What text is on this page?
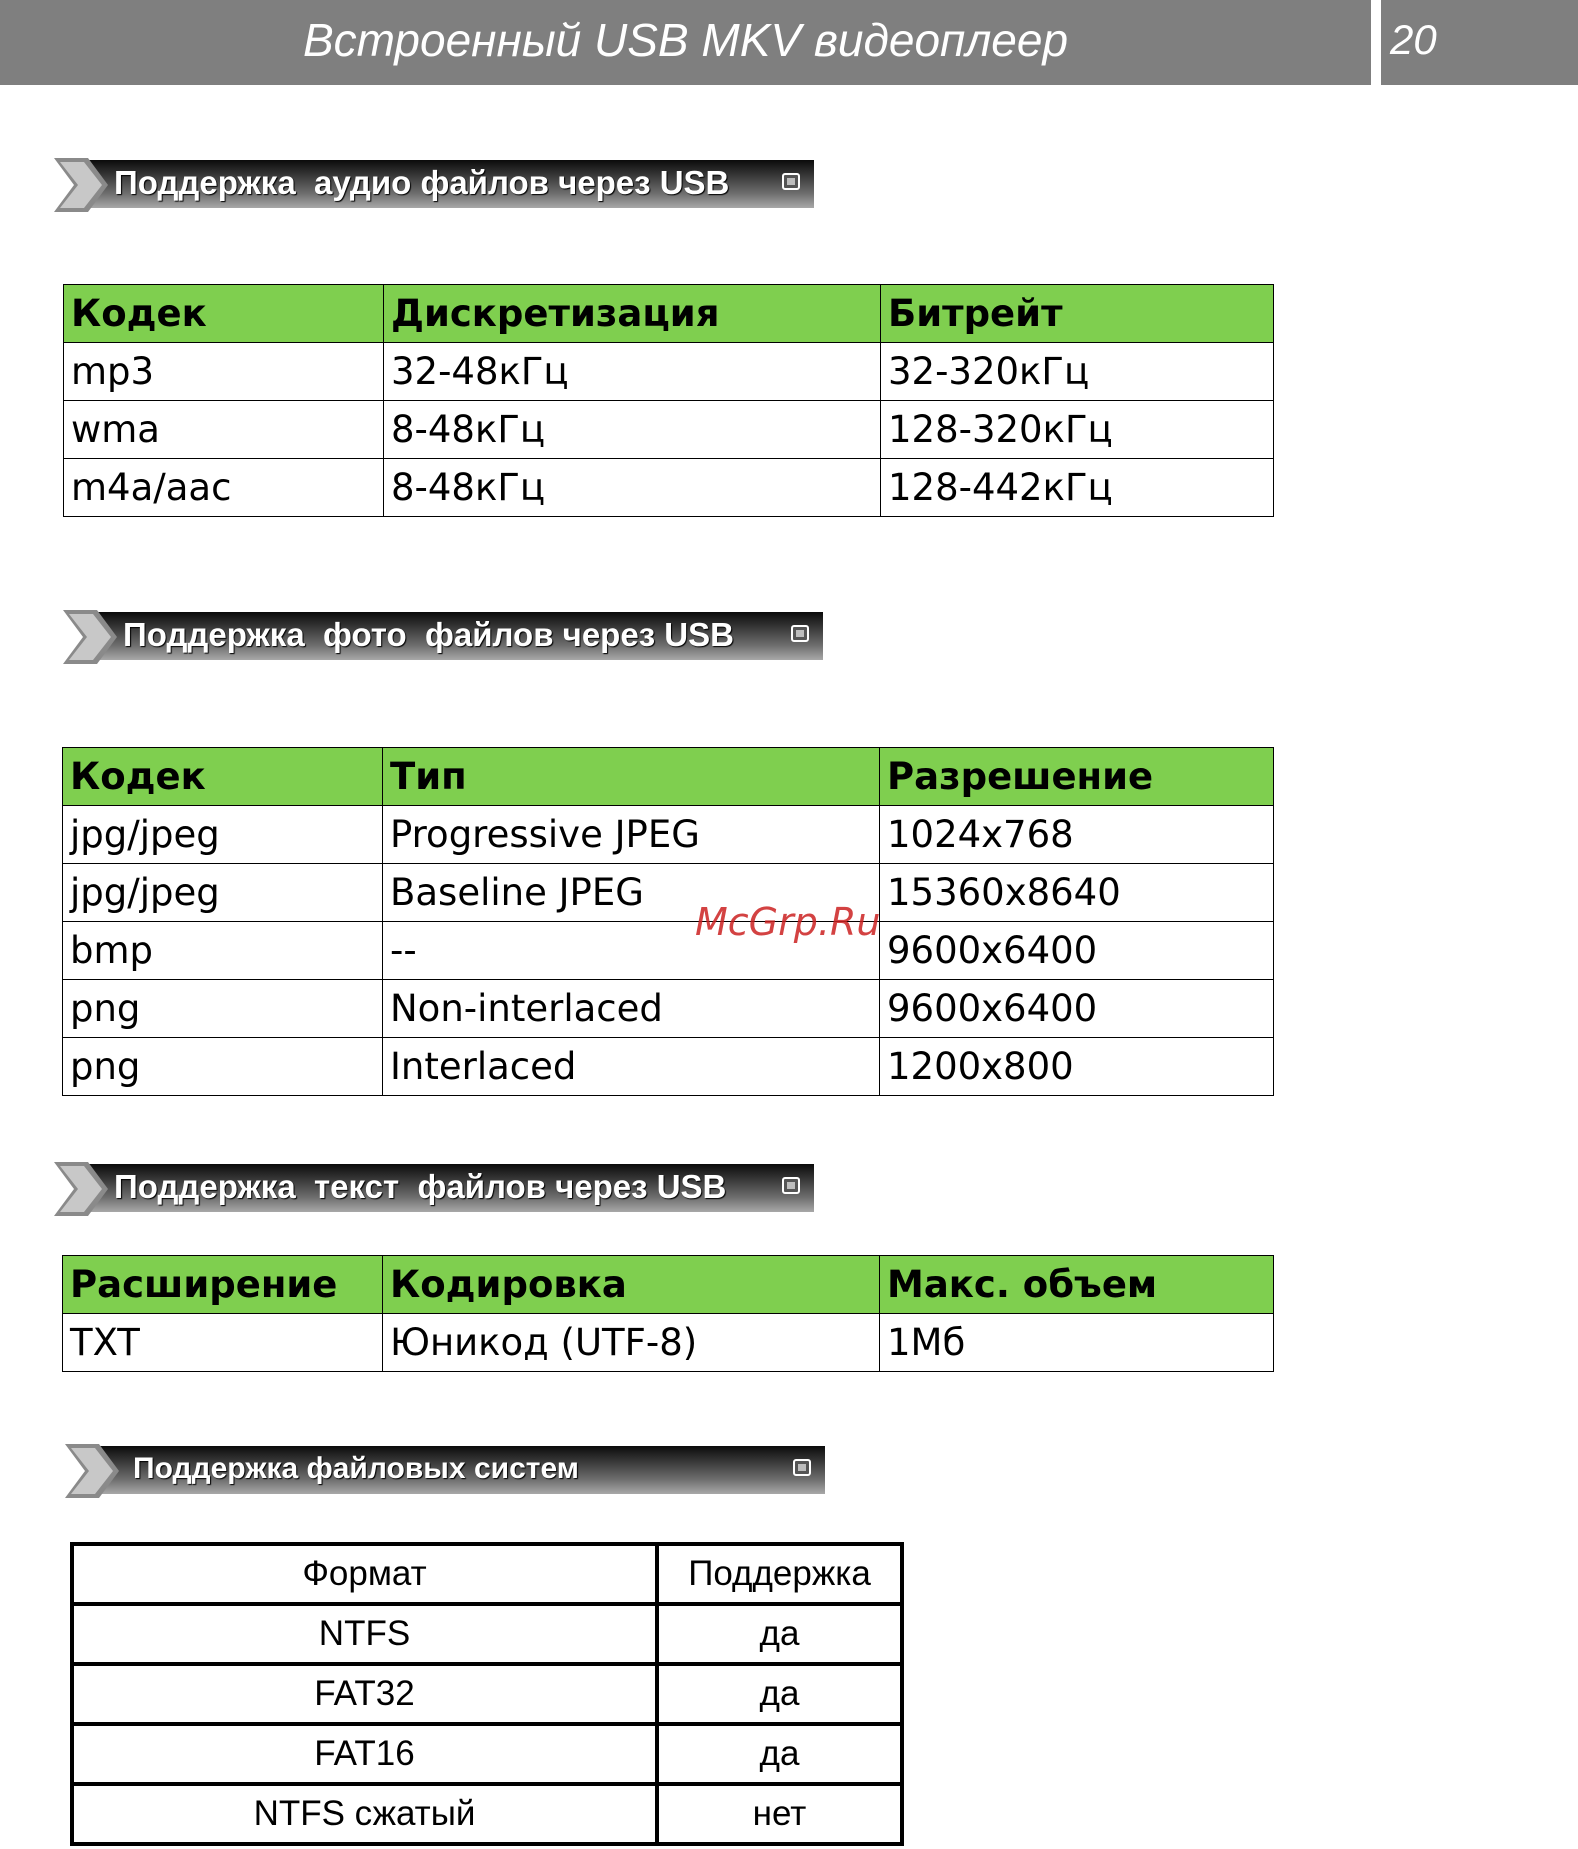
Встроенный USB MKV видеоплеер	20
Поддержка  аудио файлов через USB
Кодек	Дискретизация	Битрейт
mp3	32-48кГц	32-320кГц
wma	8-48кГц	128-320кГц
m4a/aac	8-48кГц	128-442кГц
Поддержка  фото  файлов через USB
Кодек	Тип	Разрешение
jpg/jpeg	Progressive JPEG	1024x768
jpg/jpeg	Baseline JPEG	15360x8640
bmp	--	9600x6400
png	Non-interlaced	9600x6400
png	Interlaced	1200x800
McGrp.Ru
Поддержка  текст  файлов через USB
Расширение	Кодировка	Макс. объем
TXT	Юникод (UTF-8)	1Мб
Поддержка файловых систем
Формат	Поддержка
NTFS	да
FAT32	да
FAT16	да
NTFS сжатый	нет
